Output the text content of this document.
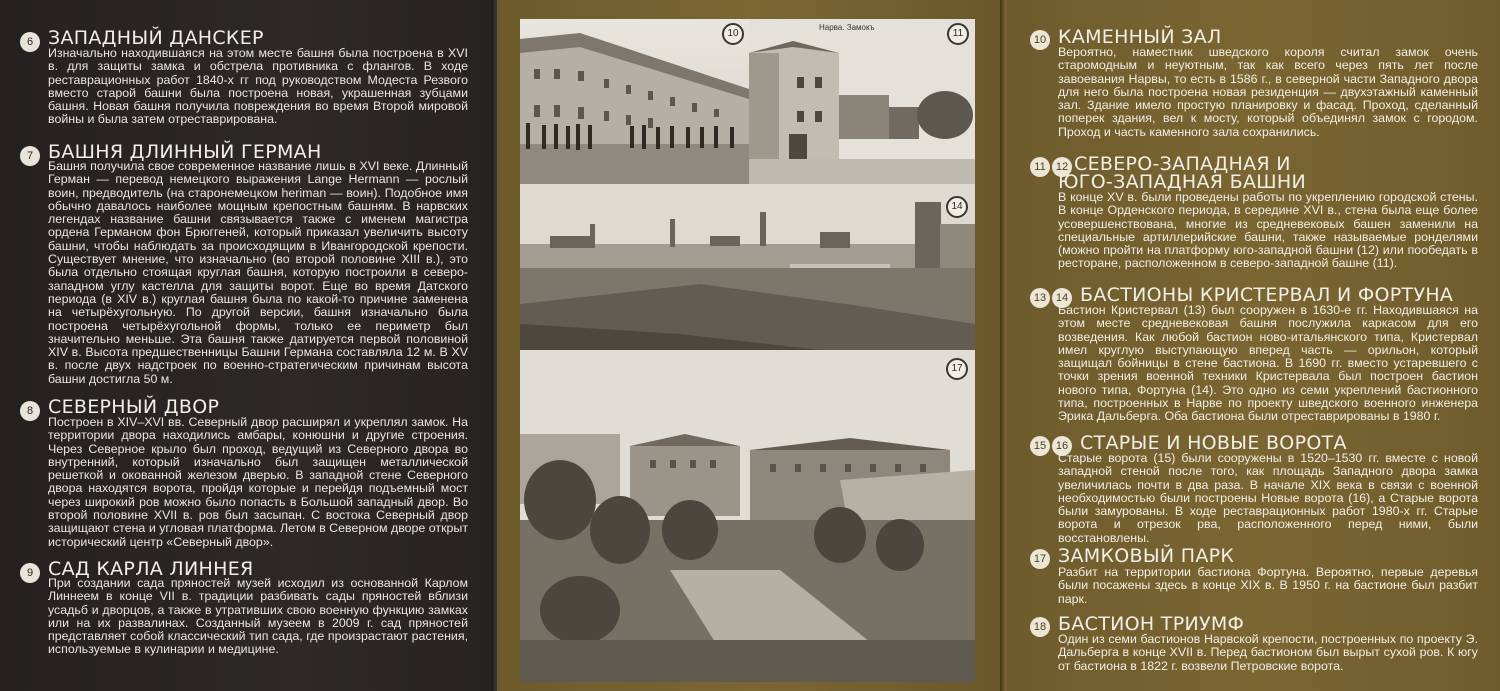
6 ЗАПАДНЫЙ ДАНСКЕР
Изначально находившаяся на этом месте башня была построена в XVI в. для защиты замка и обстрела противника с флангов. В ходе реставрационных работ 1840-х гг под руководством Модеста Резвого вместо старой башни была построена новая, украшенная зубцами башня. Новая башня получила повреждения во время Второй мировой войны и была затем отреставрирована.
7 БАШНЯ ДЛИННЫЙ ГЕРМАН
Башня получила свое современное название лишь в XVI веке. Длинный Герман — перевод немецкого выражения Lange Hermann — рослый воин, предводитель (на старонемецком heriman — воин). Подобное имя обычно давалось наиболее мощным крепостным башням. В нарвских легендах название башни связывается также с именем магистра ордена Германом фон Брюггеней, который приказал увеличить высоту башни, чтобы наблюдать за происходящим в Ивангородской крепости. Существует мнение, что изначально (во второй половине XIII в.), это была отдельно стоящая круглая башня, которую построили в северо-западном углу кастелла для защиты ворот. Еще во время Датского периода (в XIV в.) круглая башня была по какой-то причине заменена на четырёхугольную. По другой версии, башня изначально была построена четырёхугольной формы, только ее периметр был значительно меньше. Эта башня также датируется первой половиной XIV в. Высота предшественницы Башни Германа составляла 12 м. В XV в. после двух надстроек по военно-стратегическим причинам высота башни достигла 50 м.
8 СЕВЕРНЫЙ ДВОР
Построен в XIV–XVI вв. Северный двор расширял и укреплял замок. На территории двора находились амбары, конюшни и другие строения. Через Северное крыло был проход, ведущий из Северного двора во внутренний, который изначально был защищен металлической решеткой и окованной железом дверью. В западной стене Северного двора находятся ворота, пройдя которые и перейдя подъемный мост через широкий ров можно было попасть в Большой западный двор. Во второй половине XVII в. ров был засыпан. С востока Северный двор защищают стена и угловая платформа. Летом в Северном дворе открыт исторический центр «Северный двор».
9 САД КАРЛА ЛИННЕЯ
При создании сада пряностей музей исходил из основанной Карлом Линнеем в конце VII в. традиции разбивать сады пряностей вблизи усадьб и дворцов, а также в утративших свою военную функцию замках или на их развалинах. Созданный музеем в 2009 г. сад пряностей представляет собой классический тип сада, где произрастают растения, используемые в кулинарии и медицине.
10
Нарва. Замокъ
11
14
17
10 КАМЕННЫЙ ЗАЛ
Вероятно, наместник шведского короля считал замок очень старомодным и неуютным, так как всего через пять лет после завоевания Нарвы, то есть в 1586 г., в северной части Западного двора для него была построена новая резиденция — двухэтажный каменный зал. Здание имело простую планировку и фасад. Проход, сделанный поперек здания, вел к мосту, который объединял замок с городом. Проход и часть каменного зала сохранились.
11 12 СЕВЕРО-ЗАПАДНАЯ И
ЮГО-ЗАПАДНАЯ БАШНИ
В конце XV в. были проведены работы по укреплению городской стены. В конце Орденского периода, в середине XVI в., стена была еще более усовершенствована, многие из средневековых башен заменили на специальные артиллерийские башни, также называемые ронделями (можно пройти на платформу юго-западной башни (12) или пообедать в ресторане, расположенном в северо-западной башне (11).
13 14 БАСТИОНЫ КРИСТЕРВАЛ И ФОРТУНА
Бастион Кристервал (13) был сооружен в 1630-е гг. Находившаяся на этом месте средневековая башня послужила каркасом для его возведения. Как любой бастион ново-итальянского типа, Кристервал имел круглую выступающую вперед часть — орильон, который защищал бойницы в стене бастиона. В 1690 гг. вместо устаревшего с точки зрения военной техники Кристервала был построен бастион нового типа, Фортуна (14). Это одно из семи укреплений бастионного типа, построенных в Нарве по проекту шведского военного инженера Эрика Дальберга. Оба бастиона были отреставрированы в 1980 г.
15 16 СТАРЫЕ И НОВЫЕ ВОРОТА
Старые ворота (15) были сооружены в 1520–1530 гг. вместе с новой западной стеной после того, как площадь Западного двора замка увеличилась почти в два раза. В начале XIX века в связи с военной необходимостью были построены Новые ворота (16), а Старые ворота были замурованы. В ходе реставрационных работ 1980-х гг. Старые ворота и отрезок рва, расположенного перед ними, были восстановлены.
17 ЗАМКОВЫЙ ПАРК
Разбит на территории бастиона Фортуна. Вероятно, первые деревья были посажены здесь в конце XIX в. В 1950 г. на бастионе был разбит парк.
18 БАСТИОН ТРИУМФ
Один из семи бастионов Нарвской крепости, построенных по проекту Э. Дальберга в конце XVII в. Перед бастионом был вырыт сухой ров. К югу от бастиона в 1822 г. возвели Петровские ворота.
